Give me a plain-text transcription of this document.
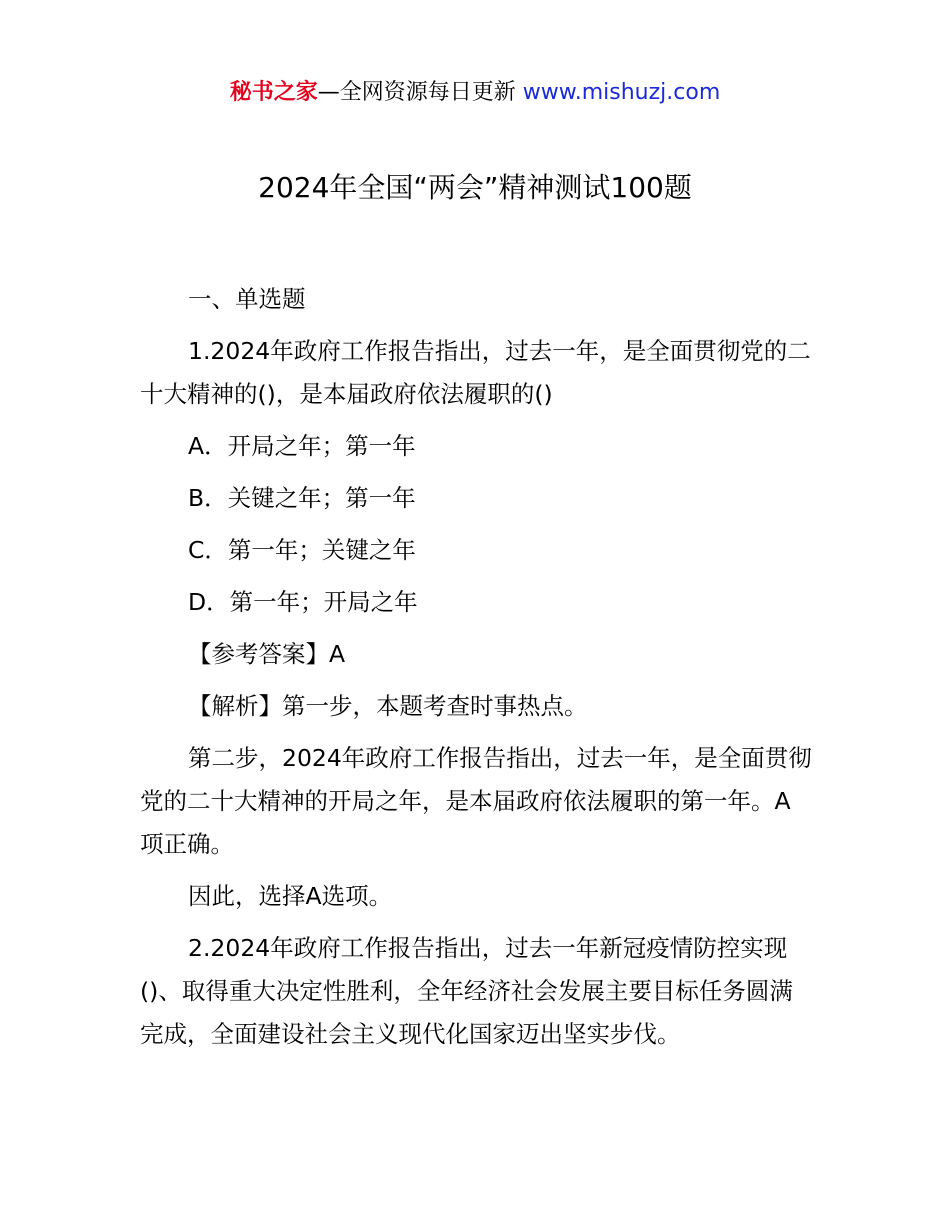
秘书之家—全网资源每日更新 www.mishuzj.com
2024年全国“两会”精神测试100题

一、单选题

1.2024年政府工作报告指出，过去一年，是全面贯彻党的二十大精神的()，是本届政府依法履职的()

A．开局之年；第一年

B．关键之年；第一年

C．第一年；关键之年

D．第一年；开局之年

【参考答案】A

【解析】第一步，本题考查时事热点。

第二步，2024年政府工作报告指出，过去一年，是全面贯彻党的二十大精神的开局之年，是本届政府依法履职的第一年。A项正确。

因此，选择A选项。

2.2024年政府工作报告指出，过去一年新冠疫情防控实现()、取得重大决定性胜利，全年经济社会发展主要目标任务圆满完成，全面建设社会主义现代化国家迈出坚实步伐。
